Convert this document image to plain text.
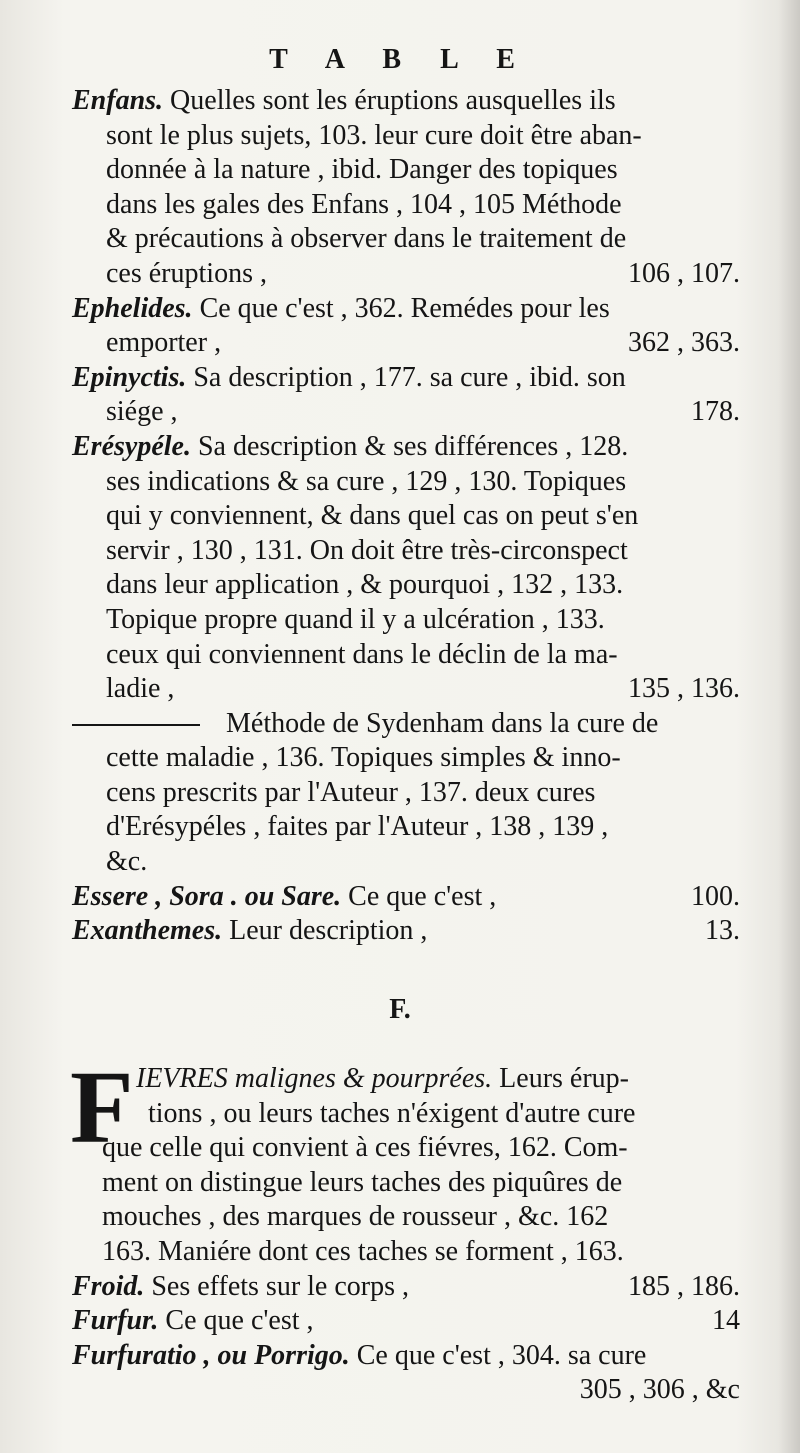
T A B L E

Enfans. Quelles sont les éruptions ausquelles ils

sont le plus sujets, 103. leur cure doit être aban-

donnée à la nature , ibid. Danger des topiques

dans les gales des Enfans , 104 , 105 Méthode

& précautions à observer dans le traitement de

ces éruptions ,	106 , 107.

Ephelides. Ce que c'est , 362. Remédes pour les

emporter ,	362 , 363.

Epinyctis. Sa description , 177. sa cure , ibid. son

siége ,	178.

Erésypéle. Sa description & ses différences , 128.

ses indications & sa cure , 129 , 130. Topiques

qui y conviennent, & dans quel cas on peut s'en

servir , 130 , 131. On doit être très-circonspect

dans leur application , & pourquoi , 132 , 133.

Topique propre quand il y a ulcération , 133.

ceux qui conviennent dans le déclin de la ma-

ladie ,	135 , 136.

Méthode de Sydenham dans la cure de

cette maladie , 136. Topiques simples & inno-

cens prescrits par l'Auteur , 137. deux cures

d'Erésypéles , faites par l'Auteur , 138 , 139 ,

&c.

Essere , Sora . ou Sare. Ce que c'est ,	100.

Exanthemes. Leur description ,	13.

F.
F IEVRES malignes & pourprées. Leurs érup-

tions , ou leurs taches n'éxigent d'autre cure

que celle qui convient à ces fiévres, 162. Com-

ment on distingue leurs taches des piquûres de

mouches , des marques de rousseur , &c. 162

163. Maniére dont ces taches se forment , 163.

Froid. Ses effets sur le corps ,	185 , 186.

Furfur. Ce que c'est ,	14

Furfuratio , ou Porrigo. Ce que c'est , 304. sa cure

305 , 306 , &c
